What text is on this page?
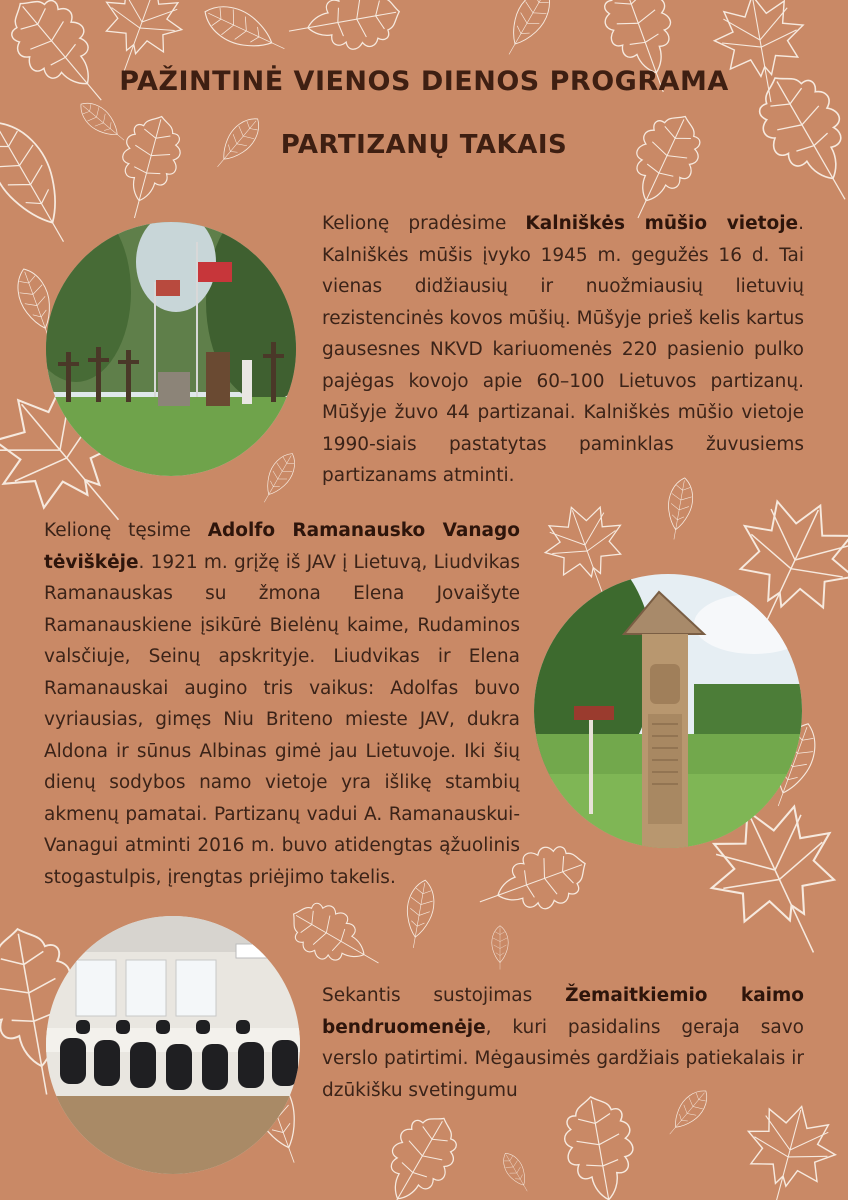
PAŽINTINĖ VIENOS DIENOS PROGRAMA
PARTIZANŲ TAKAIS

Kelionę pradėsime Kalniškės mūšio vietoje. Kalniškės mūšis įvyko 1945 m. gegužės 16 d. Tai vienas didžiausių ir nuožmiausių lietuvių rezistencinės kovos mūšių. Mūšyje prieš kelis kartus gausesnes NKVD kariuomenės 220 pasienio pulko pajėgas kovojo apie 60–100 Lietuvos partizanų. Mūšyje žuvo 44 partizanai. Kalniškės mūšio vietoje 1990-siais pastatytas paminklas žuvusiems partizanams atminti.

Kelionę tęsime Adolfo Ramanausko Vanago tėviškėje. 1921 m. grįžę iš JAV į Lietuvą, Liudvikas Ramanauskas su žmona Elena Jovaišyte Ramanauskiene įsikūrė Bielėnų kaime, Rudaminos valsčiuje, Seinų apskrityje. Liudvikas ir Elena Ramanauskai augino tris vaikus: Adolfas buvo vyriausias, gimęs Niu Briteno mieste JAV, dukra Aldona ir sūnus Albinas gimė jau Lietuvoje. Iki šių dienų sodybos namo vietoje yra išlikę stambių akmenų pamatai. Partizanų vadui A. Ramanauskui-Vanagui atminti 2016 m. buvo atidengtas ąžuolinis stogastulpis, įrengtas priėjimo takelis.

Sekantis sustojimas Žemaitkiemio kaimo bendruomenėje, kuri pasidalins geraja savo verslo patirtimi. Mėgausimės gardžiais patiekalais ir dzūkišku svetingumu
